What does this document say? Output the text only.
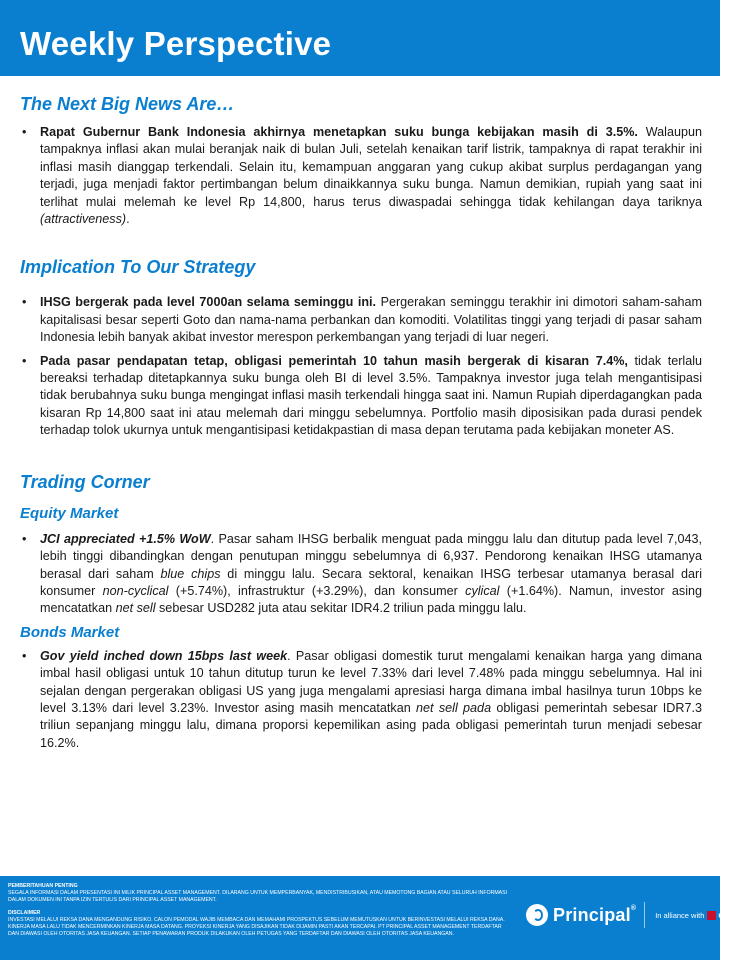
Weekly Perspective
The Next Big News Are…
• Rapat Gubernur Bank Indonesia akhirnya menetapkan suku bunga kebijakan masih di 3.5%. Walaupun tampaknya inflasi akan mulai beranjak naik di bulan Juli, setelah kenaikan tarif listrik, tampaknya di rapat terakhir ini inflasi masih dianggap terkendali. Selain itu, kemampuan anggaran yang cukup akibat surplus perdagangan yang terjadi, juga menjadi faktor pertimbangan belum dinaikkannya suku bunga. Namun demikian, rupiah yang saat ini terlihat mulai melemah ke level Rp 14,800, harus terus diwaspadai sehingga tidak kehilangan daya tariknya (attractiveness).
Implication To Our Strategy
• IHSG bergerak pada level 7000an selama seminggu ini. Pergerakan seminggu terakhir ini dimotori saham-saham kapitalisasi besar seperti Goto dan nama-nama perbankan dan komoditi. Volatilitas tinggi yang terjadi di pasar saham Indonesia lebih banyak akibat investor merespon perkembangan yang terjadi di luar negeri.
• Pada pasar pendapatan tetap, obligasi pemerintah 10 tahun masih bergerak di kisaran 7.4%, tidak terlalu bereaksi terhadap ditetapkannya suku bunga oleh BI di level 3.5%. Tampaknya investor juga telah mengantisipasi tidak berubahnya suku bunga mengingat inflasi masih terkendali hingga saat ini. Namun Rupiah diperdagangkan pada kisaran Rp 14,800 saat ini atau melemah dari minggu sebelumnya. Portfolio masih diposisikan pada durasi pendek terhadap tolok ukurnya untuk mengantisipasi ketidakpastian di masa depan terutama pada kebijakan moneter AS.
Trading Corner
Equity Market
• JCI appreciated +1.5% WoW. Pasar saham IHSG berbalik menguat pada minggu lalu dan ditutup pada level 7,043, lebih tinggi dibandingkan dengan penutupan minggu sebelumnya di 6,937. Pendorong kenaikan IHSG utamanya berasal dari saham blue chips di minggu lalu. Secara sektoral, kenaikan IHSG terbesar utamanya berasal dari konsumer non-cyclical (+5.74%), infrastruktur (+3.29%), dan konsumer cylical (+1.64%). Namun, investor asing mencatatkan net sell sebesar USD282 juta atau sekitar IDR4.2 triliun pada minggu lalu.
Bonds Market
• Gov yield inched down 15bps last week. Pasar obligasi domestik turut mengalami kenaikan harga yang dimana imbal hasil obligasi untuk 10 tahun ditutup turun ke level 7.33% dari level 7.48% pada minggu sebelumnya. Hal ini sejalan dengan pergerakan obligasi US yang juga mengalami apresiasi harga dimana imbal hasilnya turun 10bps ke level 3.13% dari level 3.23%. Investor asing masih mencatatkan net sell pada obligasi pemerintah sebesar IDR7.3 triliun sepanjang minggu lalu, dimana proporsi kepemilikan asing pada obligasi pemerintah turun menjadi sebesar 16.2%.
PEMBERITAHUAN PENTING
SEGALA INFORMASI DALAM PRESENTASI INI MILIK PRINCIPAL ASSET MANAGEMENT. DILARANG UNTUK MEMPERBANYAK, MENDISTRIBUSIKAN, ATAU MEMOTONG BAGIAN ATAU SELURUH INFORMASI DALAM DOKUMEN INI TANPA IZIN TERTULIS DARI PRINCIPAL ASSET MANAGEMENT.
DISCLAIMER
INVESTASI MELALUI REKSA DANA MENGANDUNG RISIKO. CALON PEMODAL WAJIB MEMBACA DAN MEMAHAMI PROSPEKTUS SEBELUM MEMUTUSKAN UNTUK BERINVESTASI MELALUI REKSA DANA. KINERJA MASA LALU TIDAK MENCERMINKAN KINERJA MASA DATANG. PROYEKSI KINERJA YANG DISAJIKAN TIDAK DIJAMIN PASTI AKAN TERCAPAI. PT PRINCIPAL ASSET MANAGEMENT TERDAFTAR DAN DIAWASI OLEH OTORITAS JASA KEUANGAN. SETIAP PENAWARAN PRODUK DILAKUKAN OLEH PETUGAS YANG TERDAFTAR DAN DIAWASI OLEH OTORITAS JASA KEUANGAN.
Principal®
In alliance with CIMB
